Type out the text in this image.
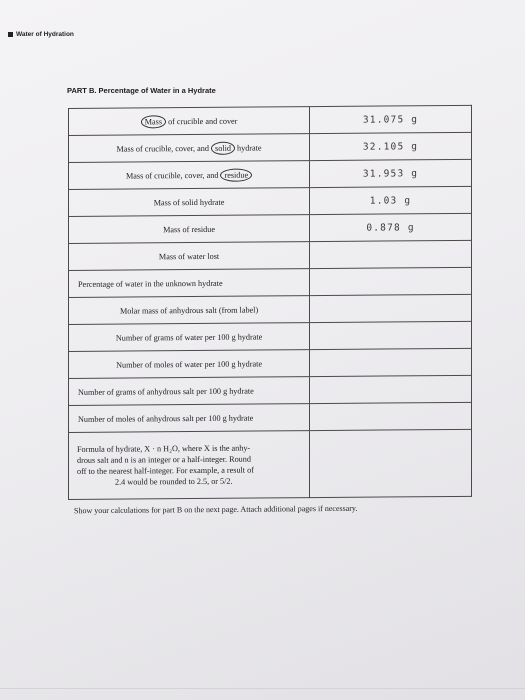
Water of Hydration
PART B. Percentage of Water in a Hydrate
Mass of crucible and cover	31.075 g
Mass of crucible, cover, and solid hydrate	32.105 g
Mass of crucible, cover, and residue	31.953 g
Mass of solid hydrate	1.03 g
Mass of residue	0.878 g
Mass of water lost	
Percentage of water in the unknown hydrate	
Molar mass of anhydrous salt (from label)	
Number of grams of water per 100 g hydrate	
Number of moles of water per 100 g hydrate	
Number of grams of anhydrous salt per 100 g hydrate	
Number of moles of anhydrous salt per 100 g hydrate	

Formula of hydrate, X · n H₂O, where X is the anhy-
drous salt and n is an integer or a half-integer. Round
off to the nearest half-integer. For example, a result of
2.4 would be rounded to 2.5, or 5/2.	

Show your calculations for part B on the next page. Attach additional pages if necessary.
